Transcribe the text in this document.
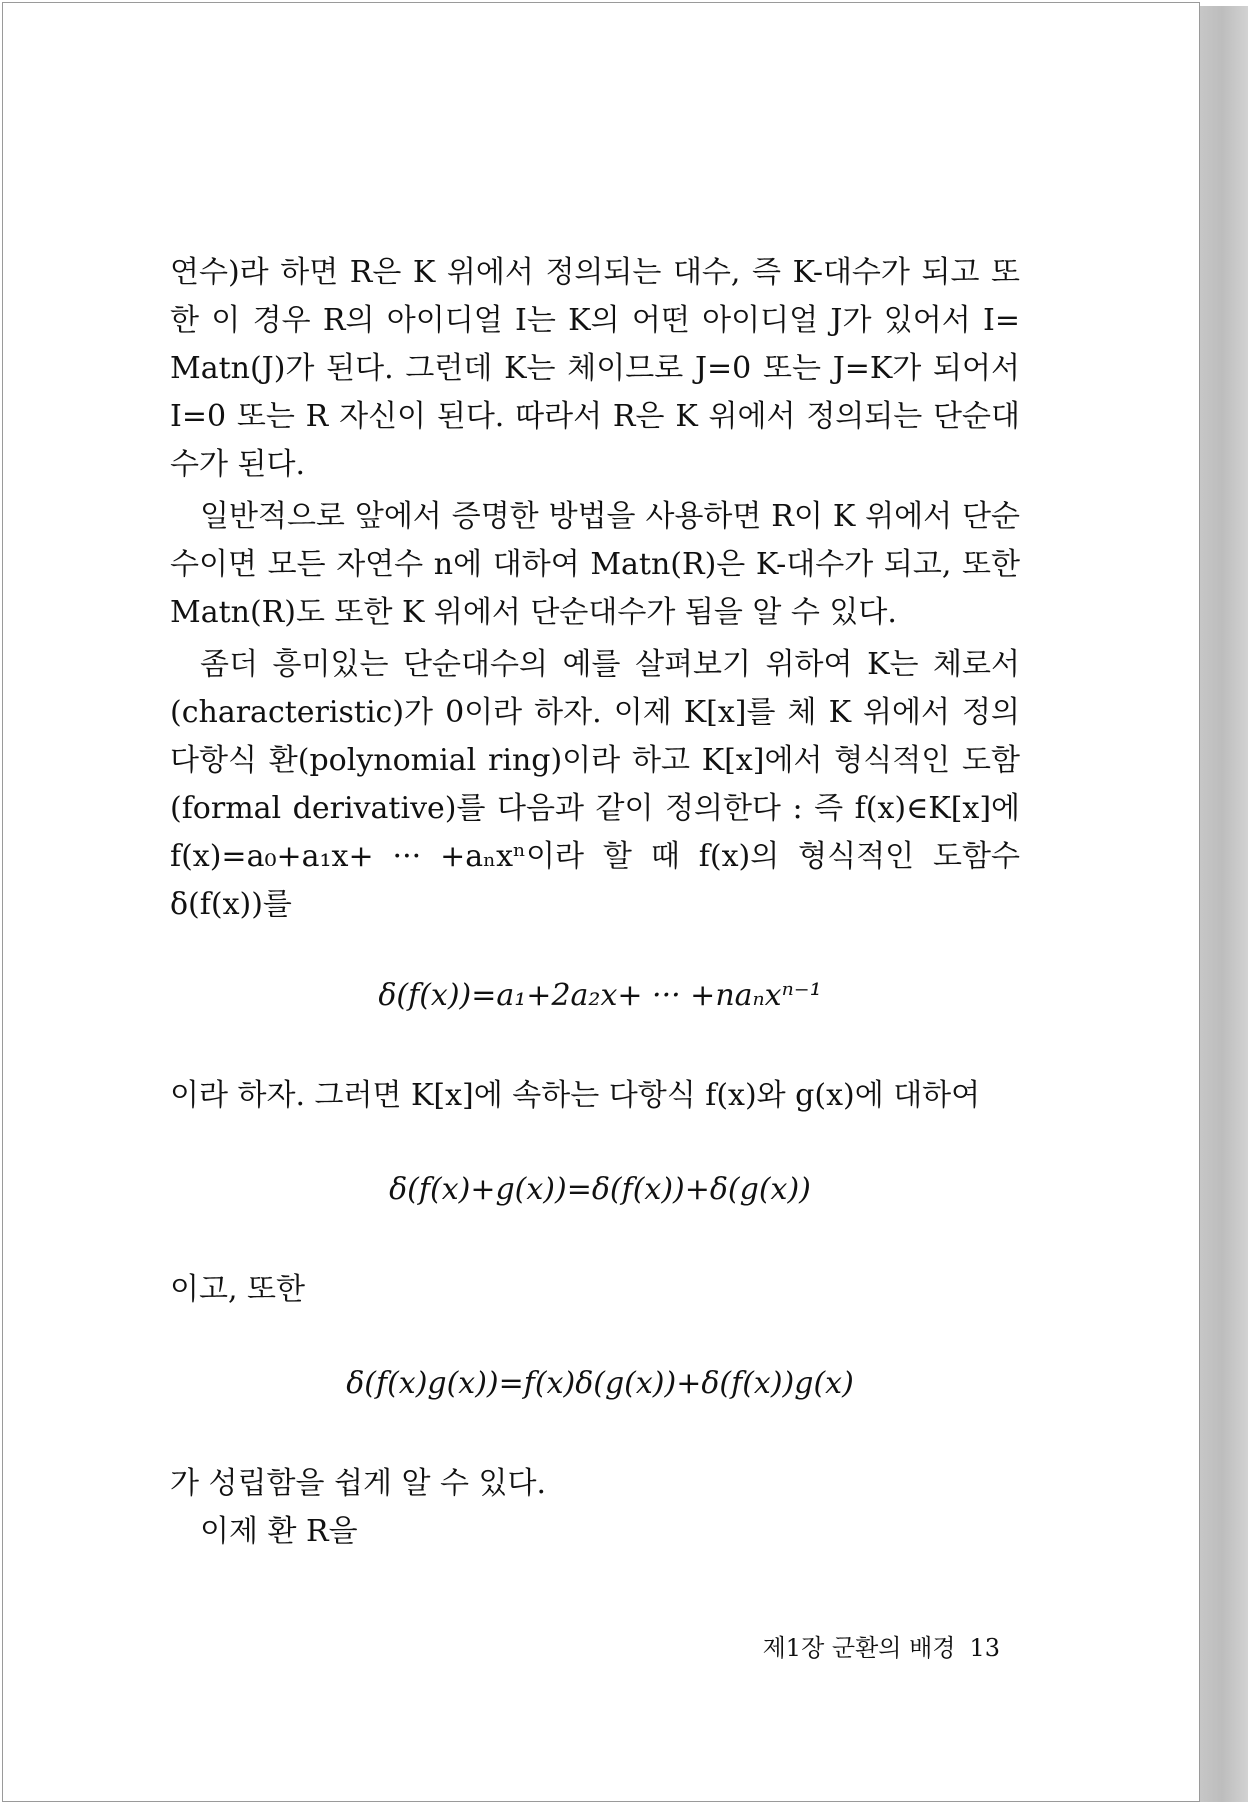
연수)라 하면 R은 K 위에서 정의되는 대수, 즉 K-대수가 되고 또
한 이 경우 R의 아이디얼 I는 K의 어떤 아이디얼 J가 있어서 I=
Matn(J)가 된다. 그런데 K는 체이므로 J=0 또는 J=K가 되어서
I=0 또는 R 자신이 된다. 따라서 R은 K 위에서 정의되는 단순대
수가 된다.
일반적으로 앞에서 증명한 방법을 사용하면 R이 K 위에서 단순
수이면 모든 자연수 n에 대하여 Matn(R)은 K-대수가 되고, 또한
Matn(R)도 또한 K 위에서 단순대수가 됨을 알 수 있다.
좀더 흥미있는 단순대수의 예를 살펴보기 위하여 K는 체로서
(characteristic)가 0이라 하자. 이제 K[x]를 체 K 위에서 정의
다항식 환(polynomial ring)이라 하고 K[x]에서 형식적인 도함
(formal derivative)를 다음과 같이 정의한다 : 즉 f(x)∈K[x]에
f(x)=a₀+a₁x+ ··· +aₙxⁿ이라 할 때 f(x)의 형식적인 도함수
δ(f(x))를
δ(f(x))=a₁+2a₂x+ ··· +naₙxⁿ⁻¹
이라 하자. 그러면 K[x]에 속하는 다항식 f(x)와 g(x)에 대하여
δ(f(x)+g(x))=δ(f(x))+δ(g(x))
이고, 또한
δ(f(x)g(x))=f(x)δ(g(x))+δ(f(x))g(x)
가 성립함을 쉽게 알 수 있다.
이제 환 R을
제1장 군환의 배경 13
